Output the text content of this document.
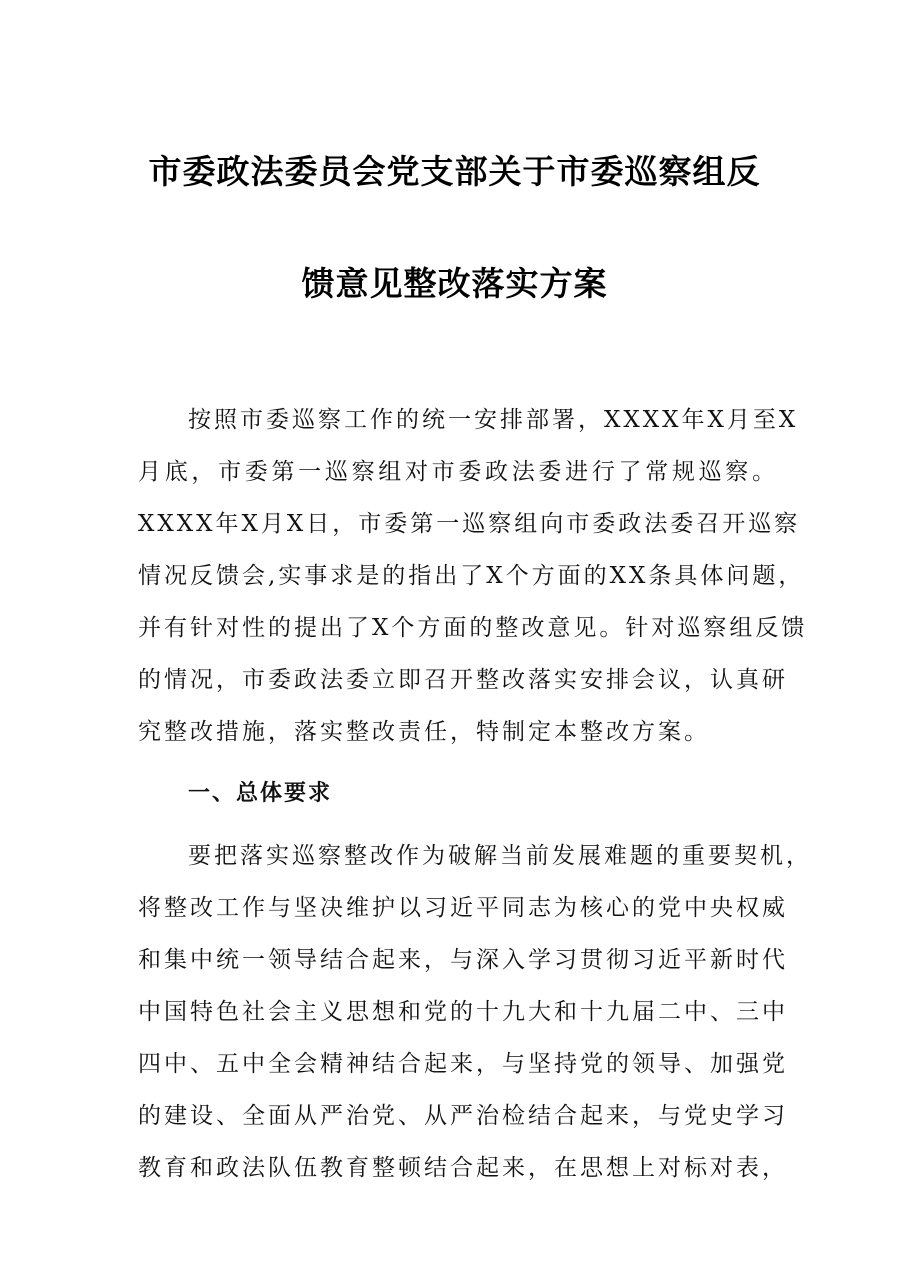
市委政法委员会党支部关于市委巡察组反
馈意见整改落实方案
按照市委巡察工作的统一安排部署，XXXX年X月至X
月底，市委第一巡察组对市委政法委进行了常规巡察。
XXXX年X月X日，市委第一巡察组向市委政法委召开巡察
情况反馈会,实事求是的指出了X个方面的XX条具体问题，
并有针对性的提出了X个方面的整改意见。针对巡察组反馈
的情况，市委政法委立即召开整改落实安排会议，认真研
究整改措施，落实整改责任，特制定本整改方案。
一、总体要求
要把落实巡察整改作为破解当前发展难题的重要契机，
将整改工作与坚决维护以习近平同志为核心的党中央权威
和集中统一领导结合起来，与深入学习贯彻习近平新时代
中国特色社会主义思想和党的十九大和十九届二中、三中
四中、五中全会精神结合起来，与坚持党的领导、加强党
的建设、全面从严治党、从严治检结合起来，与党史学习
教育和政法队伍教育整顿结合起来，在思想上对标对表，
